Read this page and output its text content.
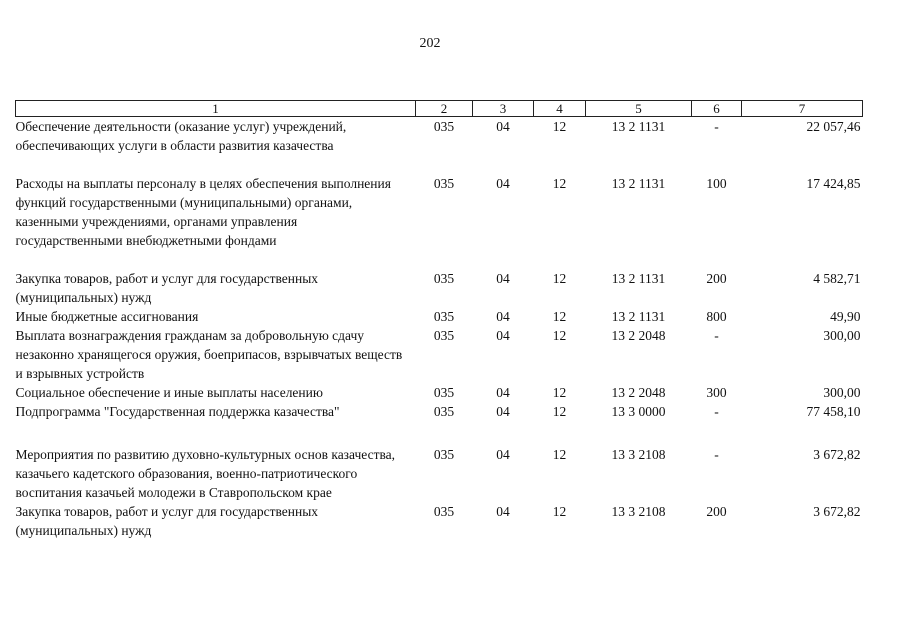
202
1	2	3	4	5	6	7
Обеспечение деятельности (оказание услуг) учреждений, обеспечивающих услуги в области развития казачества	035	04	12	13 2 1131	-	22 057,46

Расходы на выплаты персоналу в целях обеспечения выполнения функций государственными (муниципальными) органами, казенными учреждениями, органами управления государственными внебюджетными фондами	035	04	12	13 2 1131	100	17 424,85

Закупка товаров, работ и услуг для государственных (муниципальных) нужд	035	04	12	13 2 1131	200	4 582,71
Иные бюджетные ассигнования	035	04	12	13 2 1131	800	49,90
Выплата вознаграждения гражданам за добровольную сдачу незаконно хранящегося оружия, боеприпасов, взрывчатых веществ и взрывных устройств	035	04	12	13 2 2048	-	300,00
Социальное обеспечение и иные выплаты населению	035	04	12	13 2 2048	300	300,00
Подпрограмма "Государственная поддержка казачества"	035	04	12	13 3 0000	-	77 458,10

Мероприятия по развитию духовно-культурных основ казачества, казачьего кадетского образования, военно-патриотического воспитания казачьей молодежи в Ставропольском крае	035	04	12	13 3 2108	-	3 672,82
Закупка товаров, работ и услуг для государственных (муниципальных) нужд	035	04	12	13 3 2108	200	3 672,82
